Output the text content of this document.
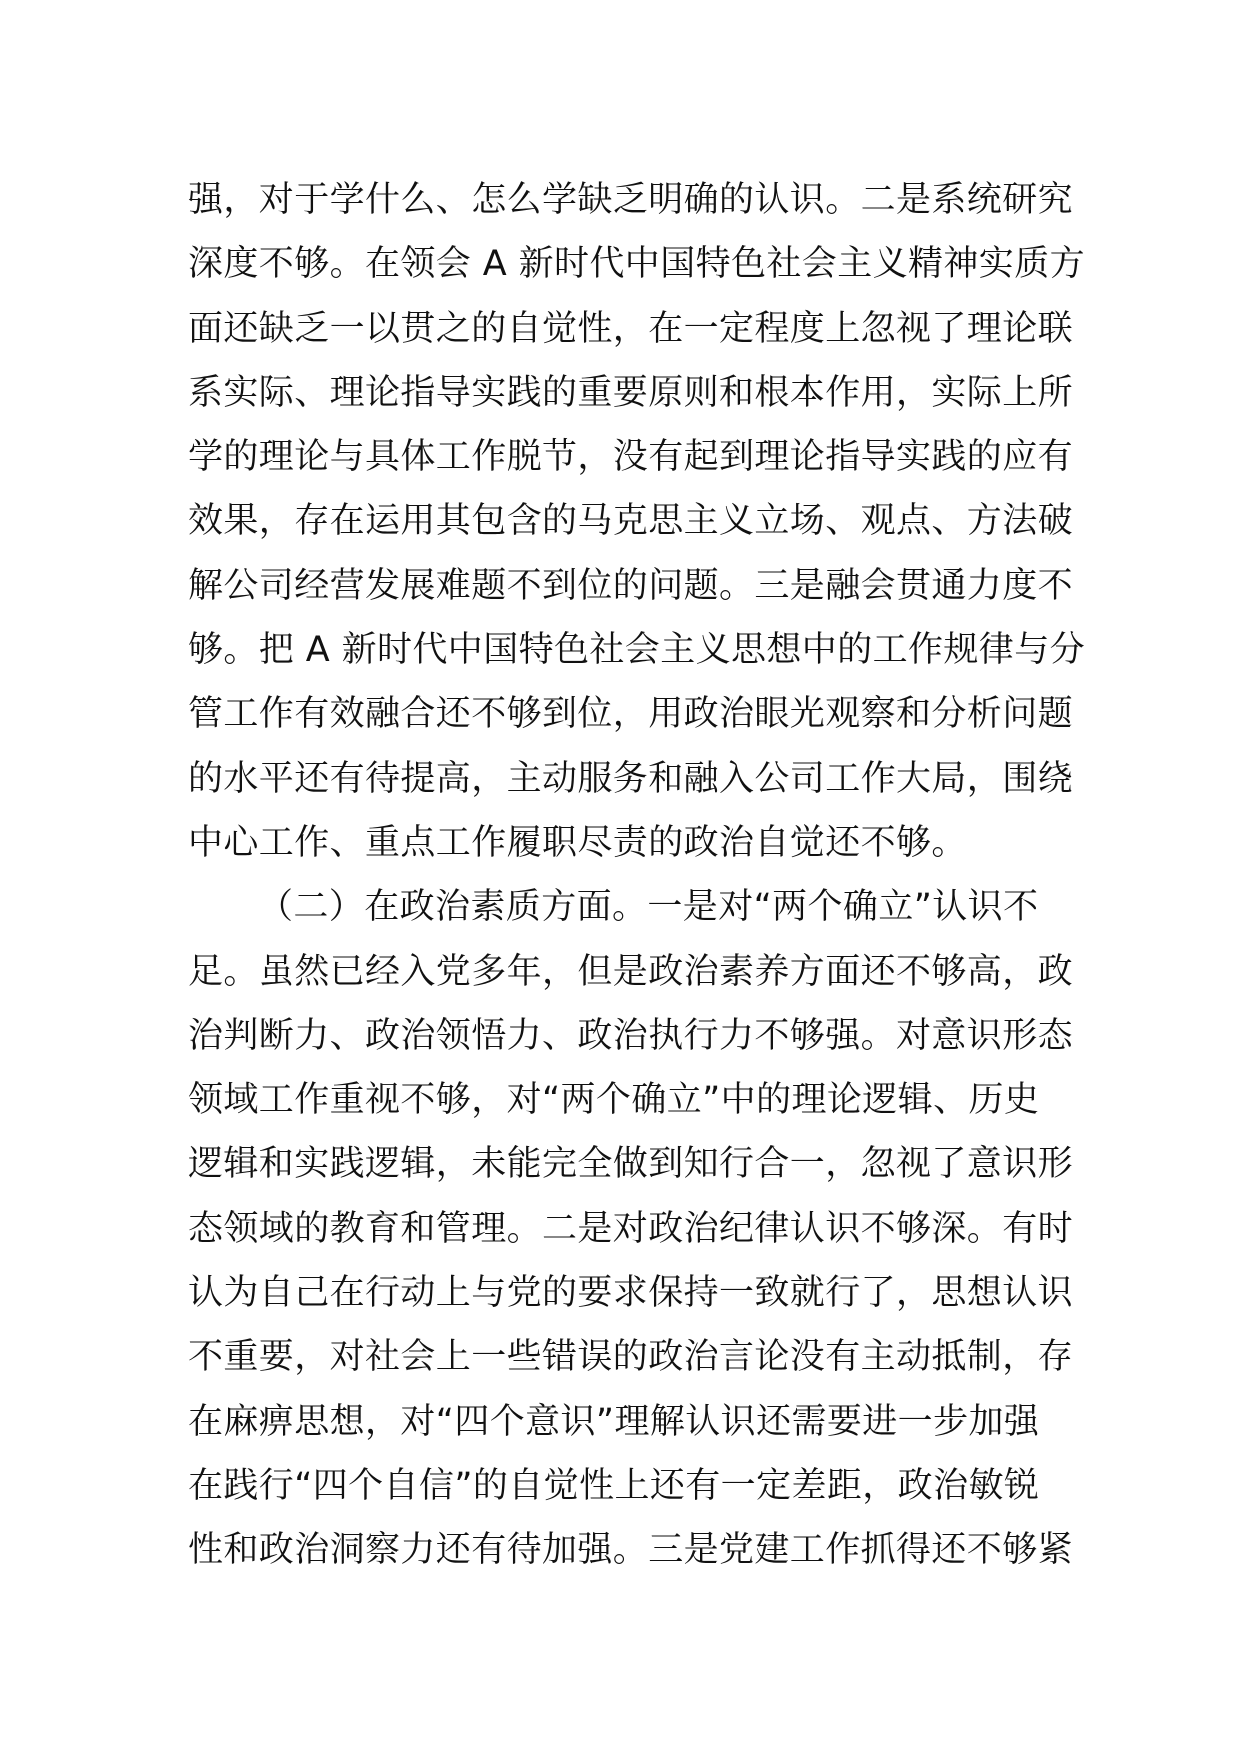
强，对于学什么、怎么学缺乏明确的认识。二是系统研究
深度不够。在领会 A 新时代中国特色社会主义精神实质方
面还缺乏一以贯之的自觉性，在一定程度上忽视了理论联
系实际、理论指导实践的重要原则和根本作用，实际上所
学的理论与具体工作脱节，没有起到理论指导实践的应有
效果，存在运用其包含的马克思主义立场、观点、方法破
解公司经营发展难题不到位的问题。三是融会贯通力度不
够。把 A 新时代中国特色社会主义思想中的工作规律与分
管工作有效融合还不够到位，用政治眼光观察和分析问题
的水平还有待提高，主动服务和融入公司工作大局，围绕
中心工作、重点工作履职尽责的政治自觉还不够。
（二）在政治素质方面。一是对“两个确立”认识不
足。虽然已经入党多年，但是政治素养方面还不够高，政
治判断力、政治领悟力、政治执行力不够强。对意识形态
领域工作重视不够，对“两个确立”中的理论逻辑、历史
逻辑和实践逻辑，未能完全做到知行合一，忽视了意识形
态领域的教育和管理。二是对政治纪律认识不够深。有时
认为自己在行动上与党的要求保持一致就行了，思想认识
不重要，对社会上一些错误的政治言论没有主动抵制，存
在麻痹思想，对“四个意识”理解认识还需要进一步加强
在践行“四个自信”的自觉性上还有一定差距，政治敏锐
性和政治洞察力还有待加强。三是党建工作抓得还不够紧
